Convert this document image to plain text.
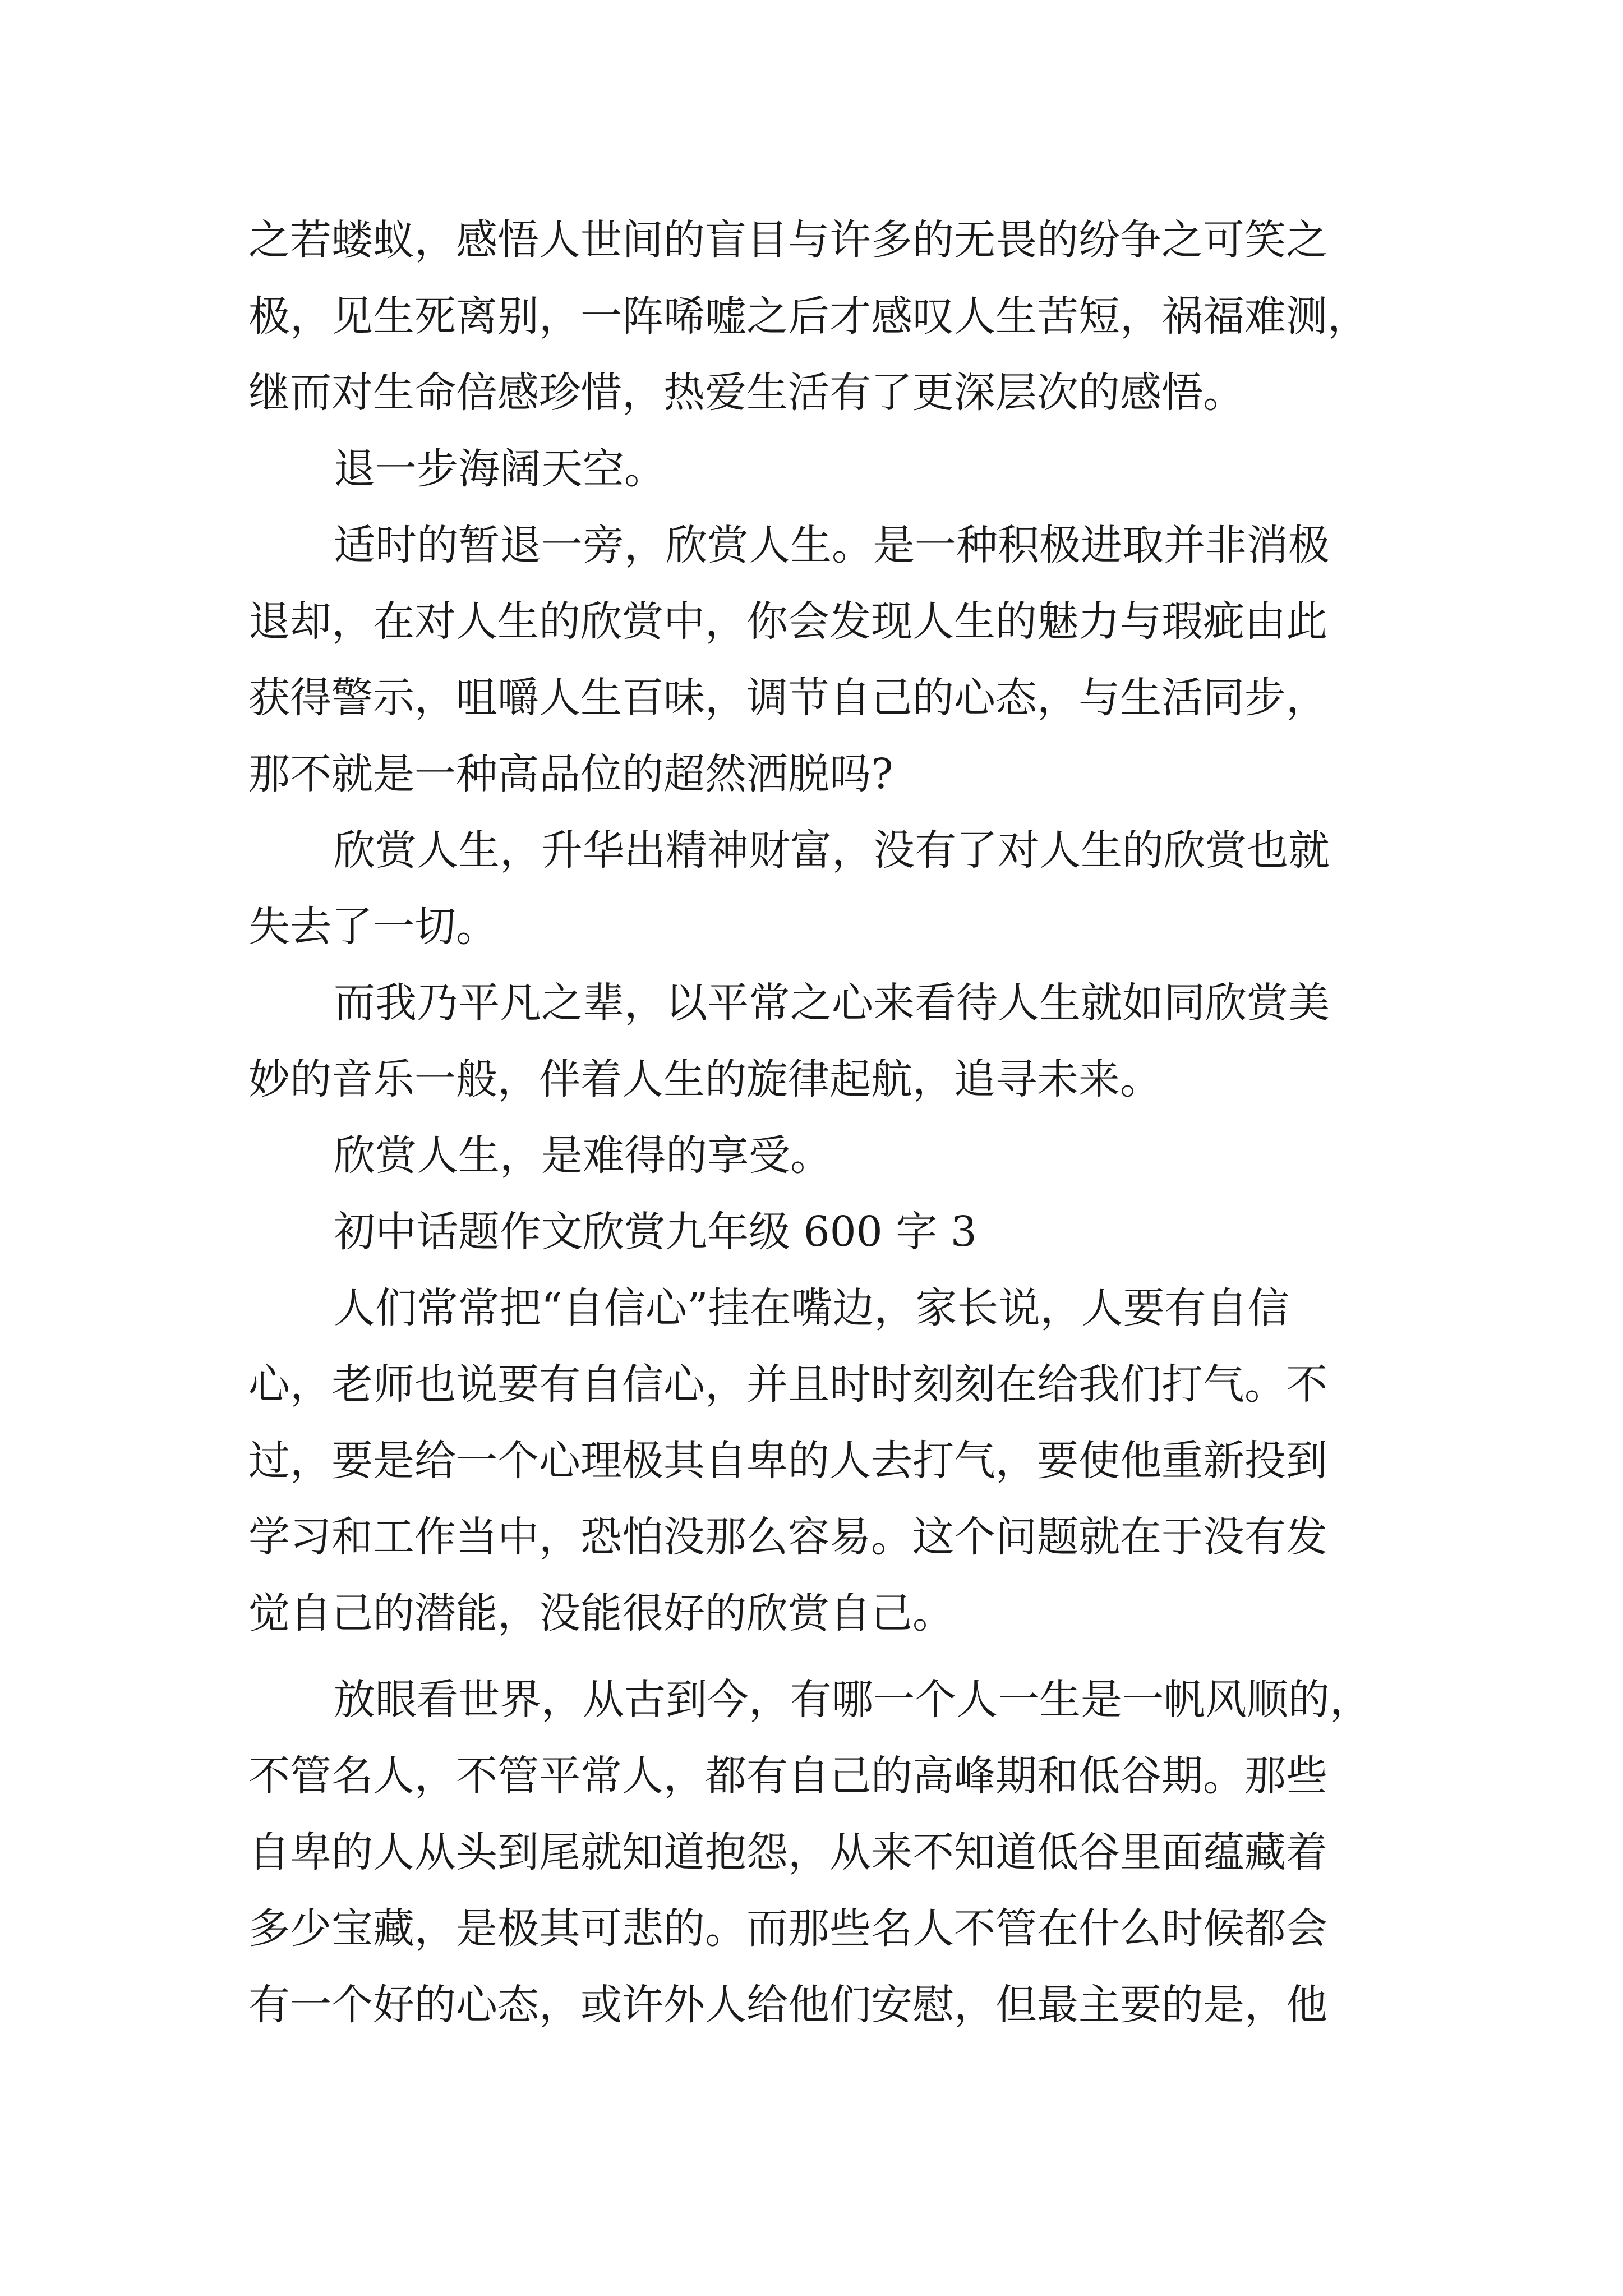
之若蝼蚁，感悟人世间的盲目与许多的无畏的纷争之可笑之
极，见生死离别，一阵唏嘘之后才感叹人生苦短，祸福难测，
继而对生命倍感珍惜，热爱生活有了更深层次的感悟。
退一步海阔天空。
适时的暂退一旁，欣赏人生。是一种积极进取并非消极
退却，在对人生的欣赏中，你会发现人生的魅力与瑕疵由此
获得警示，咀嚼人生百味，调节自己的心态，与生活同步，
那不就是一种高品位的超然洒脱吗?
欣赏人生，升华出精神财富，没有了对人生的欣赏也就
失去了一切。
而我乃平凡之辈，以平常之心来看待人生就如同欣赏美
妙的音乐一般，伴着人生的旋律起航，追寻未来。
欣赏人生，是难得的享受。
初中话题作文欣赏九年级 600 字 3
人们常常把“自信心”挂在嘴边，家长说，人要有自信
心，老师也说要有自信心，并且时时刻刻在给我们打气。不
过，要是给一个心理极其自卑的人去打气，要使他重新投到
学习和工作当中，恐怕没那么容易。这个问题就在于没有发
觉自己的潜能，没能很好的欣赏自己。
放眼看世界，从古到今，有哪一个人一生是一帆风顺的，
不管名人，不管平常人，都有自己的高峰期和低谷期。那些
自卑的人从头到尾就知道抱怨，从来不知道低谷里面蕴藏着
多少宝藏，是极其可悲的。而那些名人不管在什么时候都会
有一个好的心态，或许外人给他们安慰，但最主要的是，他
